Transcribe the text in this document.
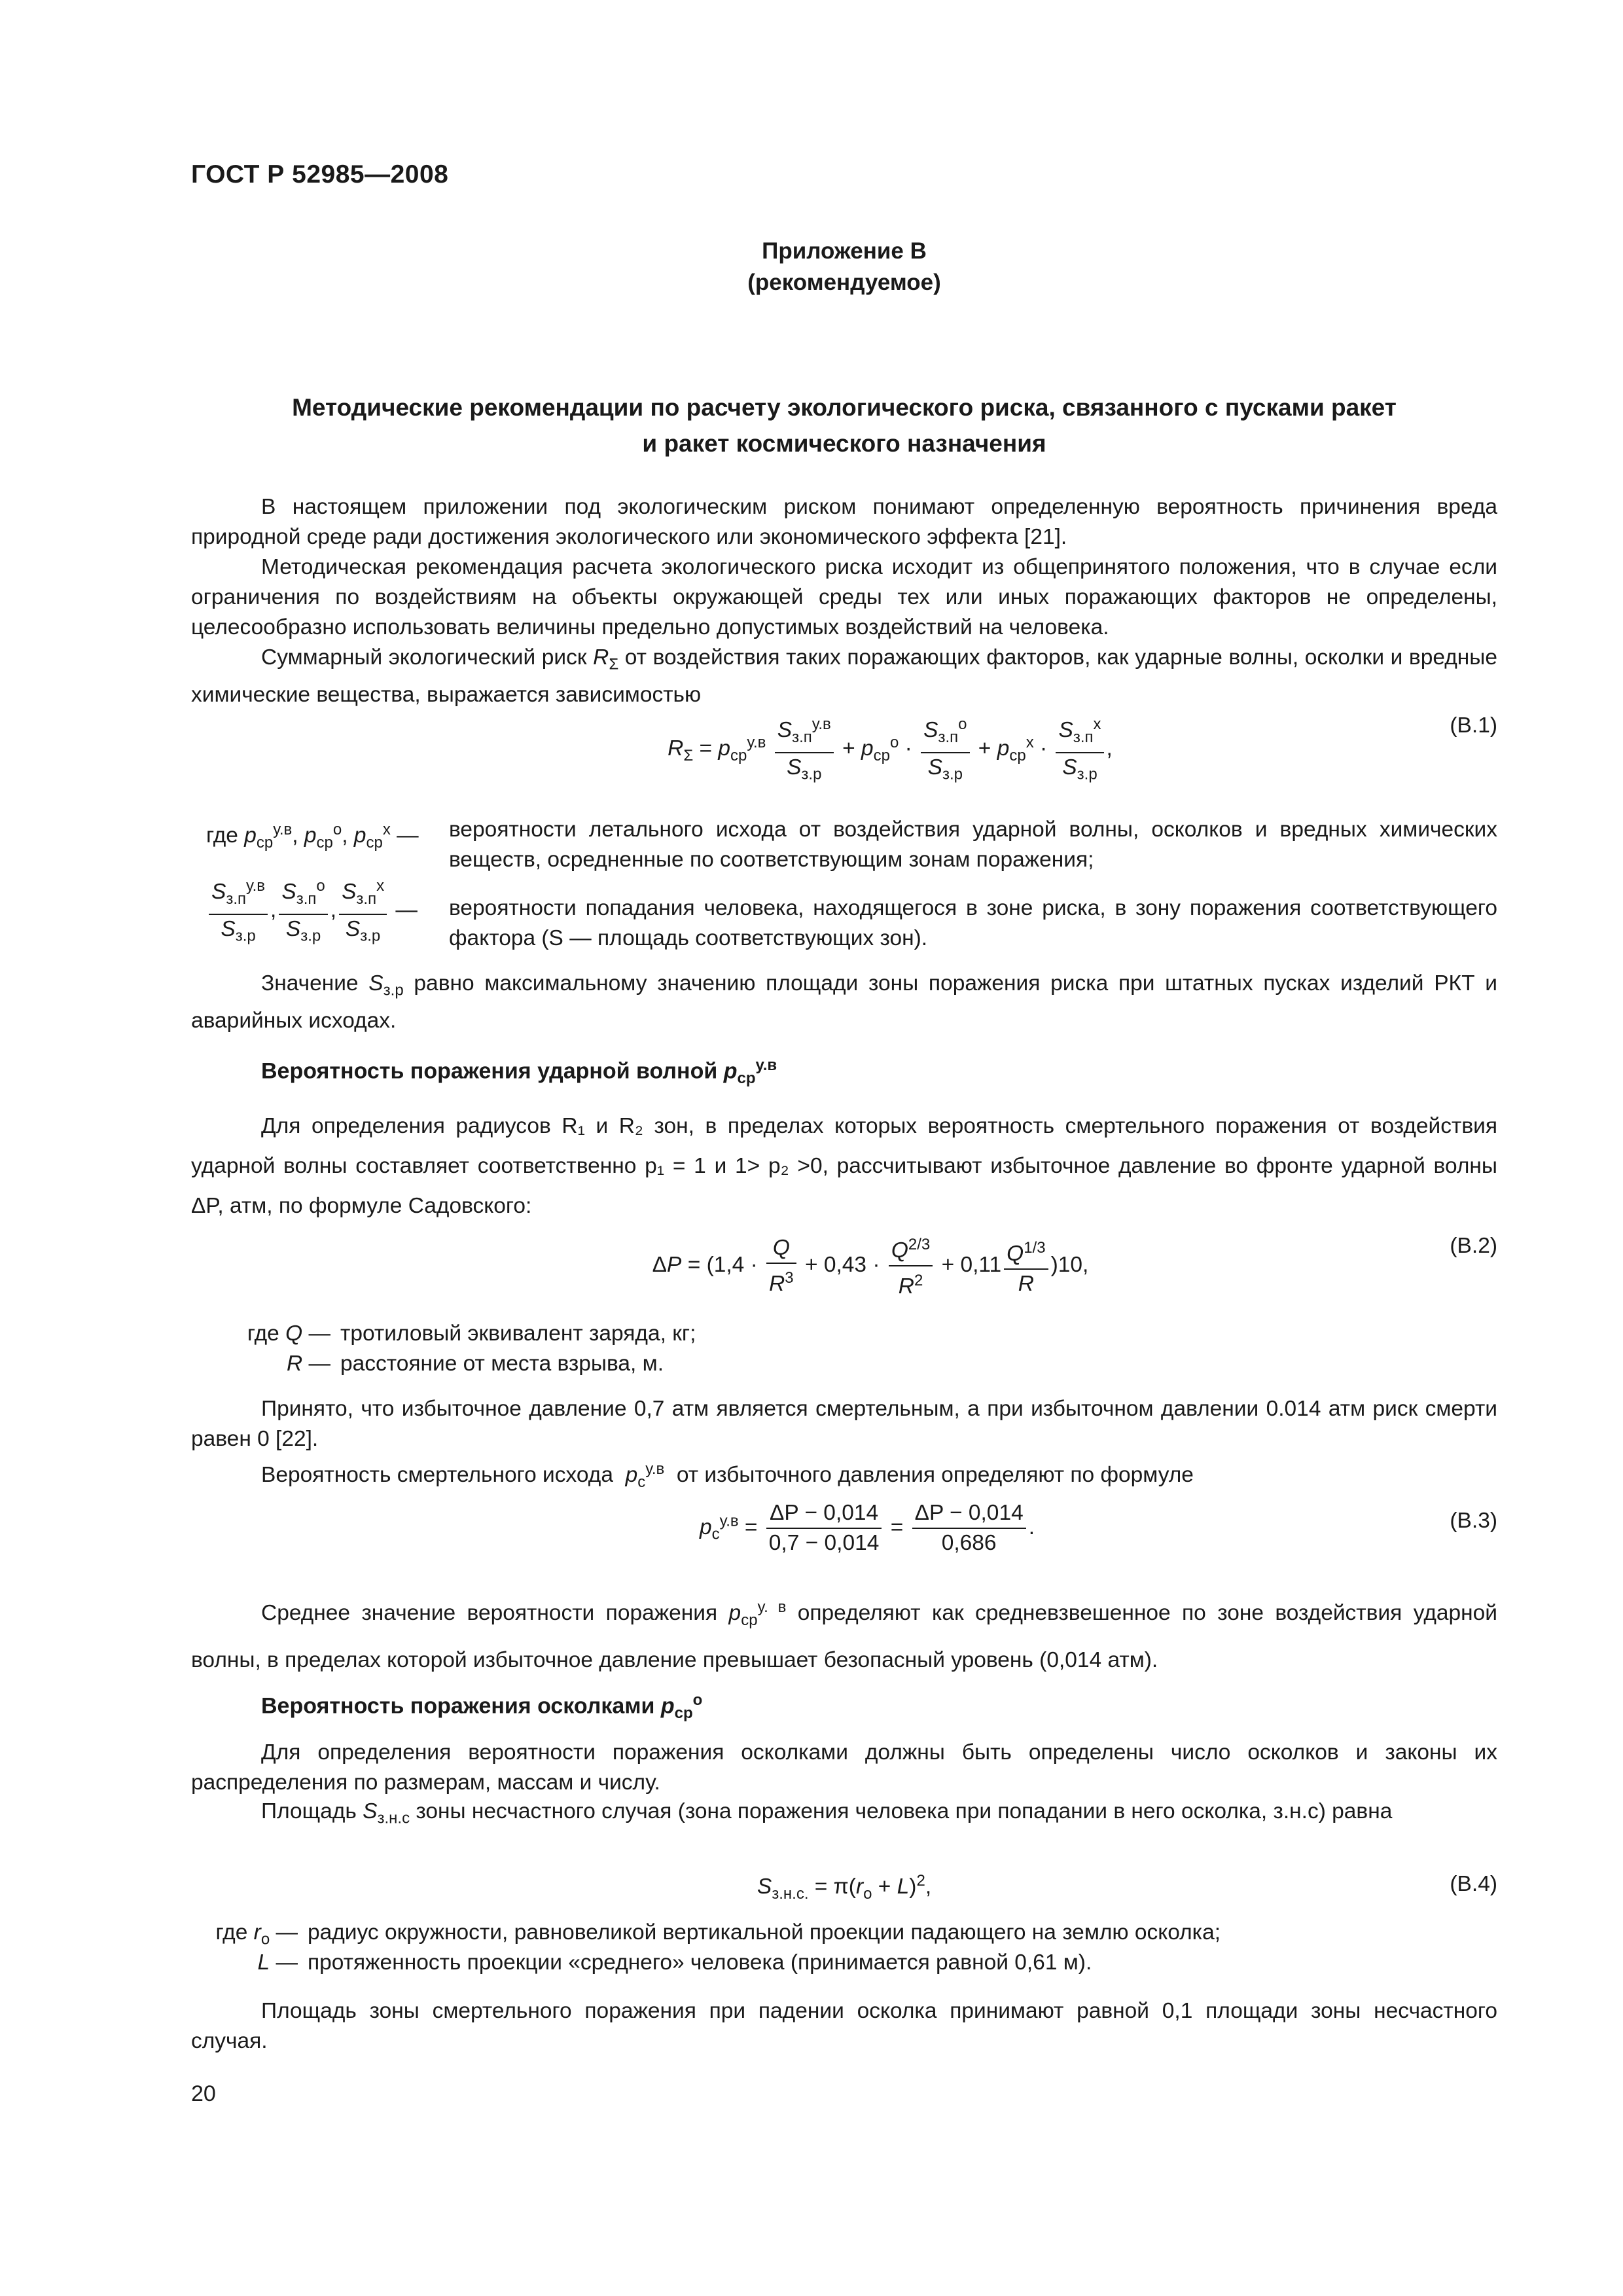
ГОСТ Р 52985—2008
Приложение В
(рекомендуемое)
Методические рекомендации по расчету экологического риска, связанного с пусками ракет
и ракет космического назначения
В настоящем приложении под экологическим риском понимают определенную вероятность причинения вреда природной среде ради достижения экологического или экономического эффекта [21].
Методическая рекомендация расчета экологического риска исходит из общепринятого положения, что в случае если ограничения по воздействиям на объекты окружающей среды тех или иных поражающих факторов не определены, целесообразно использовать величины предельно допустимых воздействий на человека.
Суммарный экологический риск $R_\Sigma$ от воздействия таких поражающих факторов, как ударные волны, осколки и вредные химические вещества, выражается зависимостью
$R_\Sigma = p_{ср}^{у.в} \frac{S_{з.п}^{у.в}}{S_{з.р}} + p_{ср}^о \cdot \frac{S_{з.п}^о}{S_{з.р}} + p_{ср}^х \cdot \frac{S_{з.п}^х}{S_{з.р}}$ ,
(В.1)
где $p_{ср}^{у.в}$, $p_{ср}^о$, $p_{ср}^х$ —	вероятности летального исхода от воздействия ударной волны, осколков и вредных химических веществ, осредненные по соответствующим зонам поражения;
$\frac{S_{з.п}^{у.в}}{S_{з.р}}$ , $\frac{S_{з.п}^о}{S_{з.р}}$ , $\frac{S_{з.п}^х}{S_{з.р}}$ —	вероятности попадания человека, находящегося в зоне риска, в зону поражения соответствующего фактора (S — площадь соответствующих зон).
Значение $S_{з.р}$ равно максимальному значению площади зоны поражения риска при штатных пусках изделий РКТ и аварийных исходах.
Вероятность поражения ударной волной $p_{ср}^{у.в}$
Для определения радиусов R₁ и R₂ зон, в пределах которых вероятность смертельного поражения от воздействия ударной волны составляет соответственно p₁ = 1 и 1> p₂ >0, рассчитывают избыточное давление во фронте ударной волны ΔP, атм, по формуле Садовского:
$\Delta P = (1,4 \cdot \frac{Q}{R^3} + 0,43 \cdot \frac{Q^{2/3}}{R^2} + 0,11 \frac{Q^{1/3}}{R} )10$,
(В.2)
где Q — тротиловый эквивалент заряда, кг;
R — расстояние от места взрыва, м.
Принято, что избыточное давление 0,7 атм является смертельным, а при избыточном давлении 0.014 атм риск смерти равен 0 [22].
Вероятность смертельного исхода $p_с^{у.в}$ от избыточного давления определяют по формуле
$p_с^{у.в} = \frac{\Delta P - 0,014}{0,7 - 0,014} = \frac{\Delta P - 0,014}{0,686}$ .	(В.3)
Среднее значение вероятности поражения $p_{ср}^{у. в}$ определяют как средневзвешенное по зоне воздействия ударной волны, в пределах которой избыточное давление превышает безопасный уровень (0,014 атм).
Вероятность поражения осколками $p_{ср}^о$
Для определения вероятности поражения осколками должны быть определены число осколков и законы их распределения по размерам, массам и числу.
Площадь $S_{з.н.с}$ зоны несчастного случая (зона поражения человека при попадании в него осколка, з.н.с) равна
$S_{з.н.с.} = \pi(r_о + L)^2$,	(В.4)
где $r_о$ — радиус окружности, равновеликой вертикальной проекции падающего на землю осколка;
L — протяженность проекции «среднего» человека (принимается равной 0,61 м).
Площадь зоны смертельного поражения при падении осколка принимают равной 0,1 площади зоны несчастного случая.
20
